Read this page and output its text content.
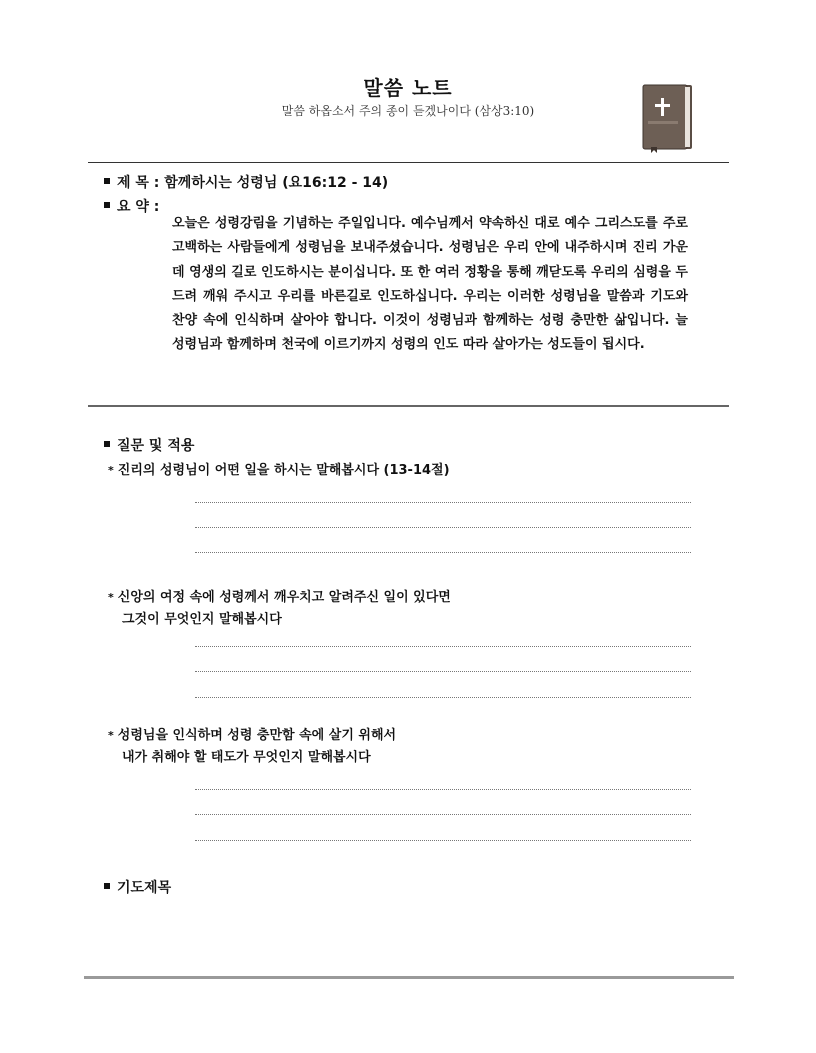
말씀 노트
말씀 하옵소서 주의 종이 듣겠나이다 (삼상3:10)
제 목 : 함께하시는 성령님 (요16:12 - 14)
요 약 :
오늘은 성령강림을 기념하는 주일입니다. 예수님께서 약속하신 대로 예수 그리스도를 주로 고백하는 사람들에게 성령님을 보내주셨습니다. 성령님은 우리 안에 내주하시며 진리 가운데 영생의 길로 인도하시는 분이십니다. 또 한 여러 정황을 통해 깨닫도록 우리의 심령을 두드려 깨워 주시고 우리를 바른길로 인도하십니다. 우리는 이러한 성령님을 말씀과 기도와 찬양 속에 인식하며 살아야 합니다. 이것이 성령님과 함께하는 성령 충만한 삶입니다. 늘 성령님과 함께하며 천국에 이르기까지 성령의 인도 따라 살아가는 성도들이 됩시다.
질문 및 적용
* 진리의 성령님이 어떤 일을 하시는 말해봅시다 (13-14절)
* 신앙의 여정 속에 성령께서 깨우치고 알려주신 일이 있다면
그것이 무엇인지 말해봅시다
* 성령님을 인식하며 성령 충만함 속에 살기 위해서
내가 취해야 할 태도가 무엇인지 말해봅시다
기도제목
